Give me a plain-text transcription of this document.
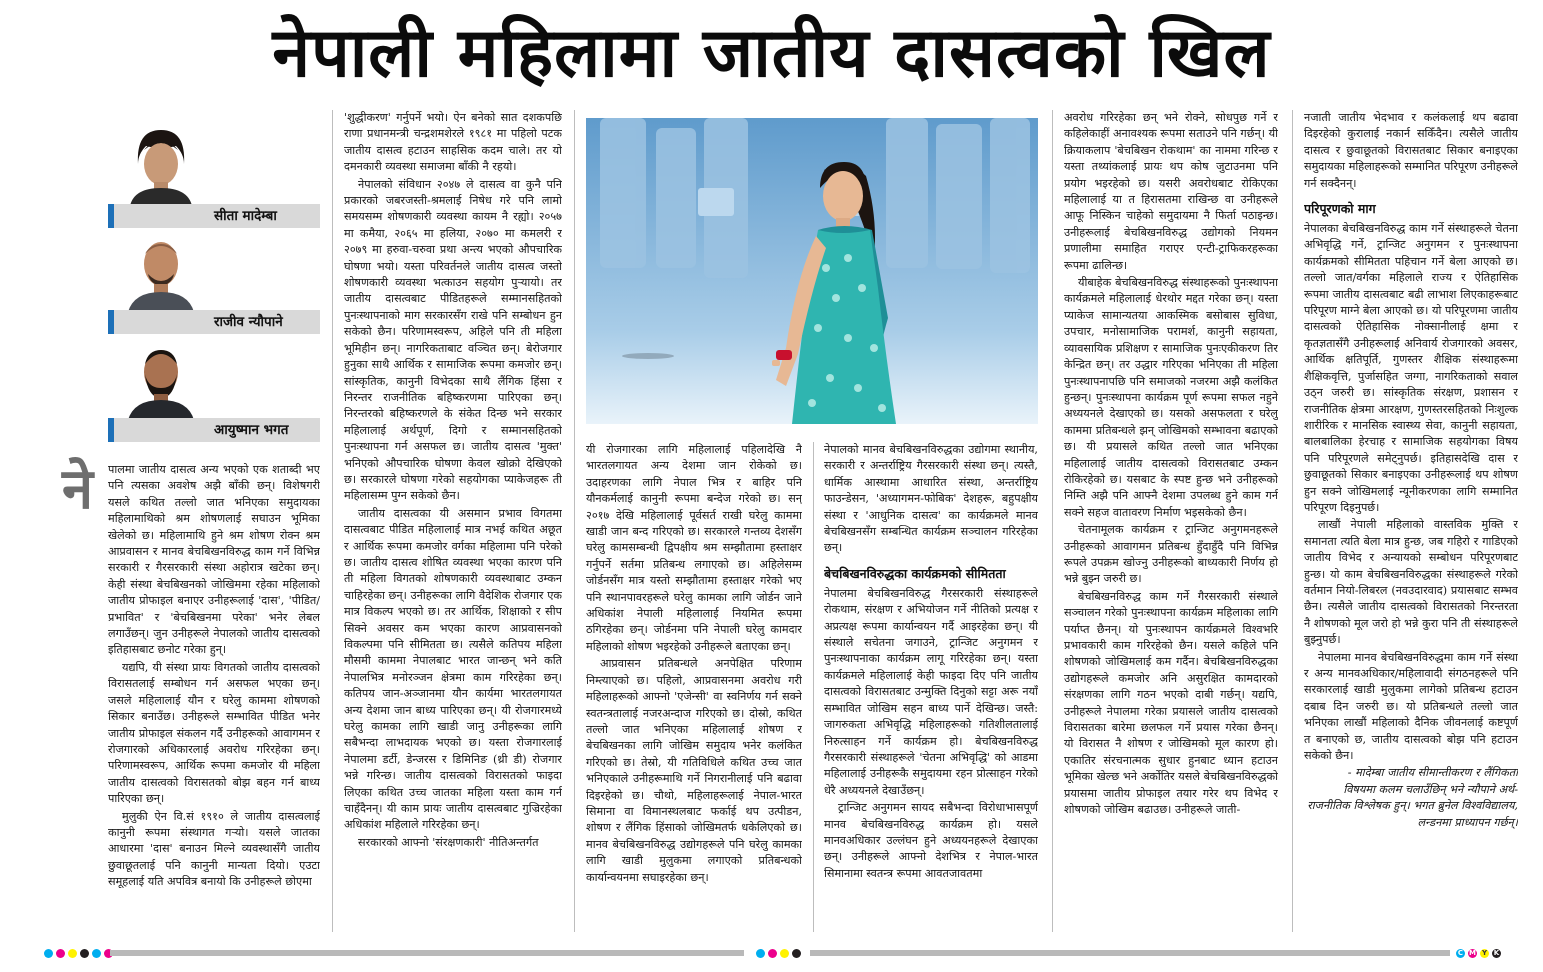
नेपाली महिलामा जातीय दासत्वको खिल
सीता मादेम्बा
राजीव न्यौपाने
आयुष्मान भगत
ने	पालमा जातीय दासत्व अन्य भएको एक शताब्दी भए पनि त्यसका अवशेष अझै बाँकी छन्। विशेषगरी यसले कथित तल्लो जात भनिएका समुदायका महिलामाथिको श्रम शोषणलाई सघाउन भूमिका खेलेको छ। महिलामाथि हुने श्रम शोषण रोक्न श्रम आप्रवासन र मानव बेचबिखनविरुद्ध काम गर्ने विभिन्न सरकारी र गैरसरकारी संस्था अहोरात्र खटेका छन्। केही संस्था बेचबिखनको जोखिममा रहेका महिलाको जातीय प्रोफाइल बनाएर उनीहरूलाई 'दास', 'पीडित/प्रभावित' र 'बेचबिखनमा परेका' भनेर लेबल लगाउँछन्। जुन उनीहरूले नेपालको जातीय दासत्वको इतिहासबाट छनोट गरेका हुन्।

यद्यपि, यी संस्था प्रायः विगतको जातीय दासत्वको विरासतलाई सम्बोधन गर्न असफल भएका छन्। जसले महिलालाई यौन र घरेलु काममा शोषणको सिकार बनाउँछ। उनीहरूले सम्भावित पीडित भनेर जातीय प्रोफाइल संकलन गर्दै उनीहरूको आवागमन र रोजगारको अधिकारलाई अवरोध गरिरहेका छन्। परिणामस्वरूप, आर्थिक रूपमा कमजोर यी महिला जातीय दासत्वको विरासतको बोझ बहन गर्न बाध्य पारिएका छन्।

मुलुकी ऐन वि.सं १९१० ले जातीय दासत्वलाई कानुनी रूपमा संस्थागत गर्‍यो। यसले जातका आधारमा 'दास' बनाउन मिल्ने व्यवस्थासँगै जातीय छुवाछूतलाई पनि कानुनी मान्यता दियो। एउटा समूहलाई यति अपवित्र बनायो कि उनीहरूले छोएमा

'शुद्धीकरण' गर्नुपर्ने भयो। ऐन बनेको सात दशकपछि राणा प्रधानमन्त्री चन्द्रशमशेरले १९८१ मा पहिलो पटक जातीय दासत्व हटाउन साहसिक कदम चाले। तर यो दमनकारी व्यवस्था समाजमा बाँकी नै रहयो।

नेपालको संविधान २०४७ ले दासत्व वा कुनै पनि प्रकारको जबरजस्ती-श्रमलाई निषेध गरे पनि लामो समयसम्म शोषणकारी व्यवस्था कायम नै रह्यो। २०५७ मा कमैया, २०६५ मा हलिया, २०७० मा कमलरी र २०७९ मा हरुवा-चरुवा प्रथा अन्त्य भएको औपचारिक घोषणा भयो। यस्ता परिवर्तनले जातीय दासत्व जस्तो शोषणकारी व्यवस्था भत्काउन सहयोग पुऱ्यायो। तर जातीय दासत्वबाट पीडितहरूले सम्मानसहितको पुनःस्थापनाको माग सरकारसँग राखे पनि सम्बोधन हुन सकेको छैन। परिणामस्वरूप, अहिले पनि ती महिला भूमिहीन छन्। नागरिकताबाट वञ्चित छन्। बेरोजगार हुनुका साथै आर्थिक र सामाजिक रूपमा कमजोर छन्। सांस्कृतिक, कानुनी विभेदका साथै लैंगिक हिंसा र निरन्तर राजनीतिक बहिष्करणमा पारिएका छन्। निरन्तरको बहिष्करणले के संकेत दिन्छ भने सरकार महिलालाई अर्थपूर्ण, दिगो र सम्मानसहितको पुनःस्थापना गर्न असफल छ। जातीय दासत्व 'मुक्त' भनिएको औपचारिक घोषणा केवल खोक्रो देखिएको छ। सरकारले घोषणा गरेको सहयोगका प्याकेजहरू ती महिलासम्म पुग्न सकेको छैन।

जातीय दासत्वका यी असमान प्रभाव विगतमा दासत्वबाट पीडित महिलालाई मात्र नभई कथित अछूत र आर्थिक रूपमा कमजोर वर्गका महिलामा पनि परेको छ। जातीय दासत्व शोषित व्यवस्था भएका कारण पनि ती महिला विगतको शोषणकारी व्यवस्थाबाट उम्कन चाहिरहेका छन्। उनीहरूका लागि वैदेशिक रोजगार एक मात्र विकल्प भएको छ। तर आर्थिक, शिक्षाको र सीप सिक्ने अवसर कम भएका कारण आप्रवासनको विकल्पमा पनि सीमितता छ। त्यसैले कतिपय महिला मौसमी काममा नेपालबाट भारत जान्छन् भने कति नेपालभित्र मनोरञ्जन क्षेत्रमा काम गरिरहेका छन्। कतिपय जान-अञ्जानमा यौन कार्यमा भारतलगायत अन्य देशमा जान बाध्य पारिएका छन्। यी रोजगारमध्ये घरेलु कामका लागि खाडी जानु उनीहरूका लागि सबैभन्दा लाभदायक भएको छ। यस्ता रोजगारलाई नेपालमा डर्टी, डेन्जरस र डिमिनिङ (थ्री डी) रोजगार भन्ने गरिन्छ। जातीय दासत्वको विरासतको फाइदा लिएका कथित उच्च जातका महिला यस्ता काम गर्न चाहँदैनन्। यी काम प्रायः जातीय दासत्वबाट गुज्रिरहेका अधिकांश महिलाले गरिरहेका छन्।

सरकारको आफ्नो 'संरक्षणकारी' नीतिअन्तर्गत

यी रोजगारका लागि महिलालाई पहिलादेखि नै भारतलगायत अन्य देशमा जान रोकेको छ। उदाहरणका लागि नेपाल भित्र र बाहिर पनि यौनकर्मलाई कानुनी रूपमा बन्देज गरेको छ। सन् २०१७ देखि महिलालाई पूर्वसर्त राखी घरेलु काममा खाडी जान बन्द गरिएको छ। सरकारले गन्तव्य देशसँग घरेलु कामसम्बन्धी द्विपक्षीय श्रम सम्झौतामा हस्ताक्षर गर्नुपर्ने सर्तमा प्रतिबन्ध लगाएको छ। अहिलेसम्म जोर्डनसँग मात्र यस्तो सम्झौतामा हस्ताक्षर गरेको भए पनि स्थानपावरहरूले घरेलु कामका लागि जोर्डन जाने अधिकांश नेपाली महिलालाई नियमित रूपमा ठगिरहेका छन्। जोर्डनमा पनि नेपाली घरेलु कामदार महिलाको शोषण भइरहेको उनीहरूले बताएका छन्।

आप्रवासन प्रतिबन्धले अनपेक्षित परिणाम निम्त्याएको छ। पहिलो, आप्रवासनमा अवरोध गरी महिलाहरूको आफ्नो 'एजेन्सी' वा स्वनिर्णय गर्न सक्ने स्वतन्त्रतालाई नजरअन्दाज गरिएको छ। दोस्रो, कथित तल्लो जात भनिएका महिलालाई शोषण र बेचबिखनका लागि जोखिम समुदाय भनेर कलंकित गरिएको छ। तेस्रो, यी गतिविधिले कथित उच्च जात भनिएकाले उनीहरूमाथि गर्ने निगरानीलाई पनि बढावा दिइरहेको छ। चौथो, महिलाहरूलाई नेपाल-भारत सिमाना वा विमानस्थलबाट फर्काई थप उत्पीडन, शोषण र लैंगिक हिंसाको जोखिमतर्फ धकेलिएको छ। मानव बेचबिखनविरुद्ध उद्योगहरूले पनि घरेलु कामका लागि खाडी मुलुकमा लगाएको प्रतिबन्धको कार्यान्वयनमा सघाइरहेका छन्।

नेपालको मानव बेचबिखनविरुद्धका उद्योगमा स्थानीय, सरकारी र अन्तर्राष्ट्रिय गैरसरकारी संस्था छन्। त्यस्तै, धार्मिक आस्थामा आधारित संस्था, अन्तर्राष्ट्रिय फाउन्डेसन, 'अध्यागमन-फोबिक' देशहरू, बहुपक्षीय संस्था र 'आधुनिक दासत्व' का कार्यक्रमले मानव बेचबिखनसँग सम्बन्धित कार्यक्रम सञ्चालन गरिरहेका छन्।

बेचबिखनविरुद्धका कार्यक्रमको सीमितता

नेपालमा बेचबिखनविरुद्ध गैरसरकारी संस्थाहरूले रोकथाम, संरक्षण र अभियोजन गर्ने नीतिको प्रत्यक्ष र अप्रत्यक्ष रूपमा कार्यान्वयन गर्दै आइरहेका छन्। यी संस्थाले सचेतना जगाउने, ट्रान्जिट अनुगमन र पुनःस्थापनाका कार्यक्रम लागू गरिरहेका छन्। यस्ता कार्यक्रमले महिलालाई केही फाइदा दिए पनि जातीय दासत्वको विरासतबाट उन्मुक्ति दिनुको सट्टा अरू नयाँ सम्भावित जोखिम सहन बाध्य पार्ने देखिन्छ। जस्तै: जागरुकता अभिवृद्धि महिलाहरूको गतिशीलतालाई निरुत्साहन गर्ने कार्यक्रम हो। बेचबिखनविरुद्ध गैरसरकारी संस्थाहरूले 'चेतना अभिवृद्धि' को आडमा महिलालाई उनीहरूकै समुदायमा रहन प्रोत्साहन गरेको धेरै अध्ययनले देखाउँछन्।

ट्रान्जिट अनुगमन सायद सबैभन्दा विरोधाभासपूर्ण मानव बेचबिखनविरुद्ध कार्यक्रम हो। यसले मानवअधिकार उल्लंघन हुने अध्ययनहरूले देखाएका छन्। उनीहरूले आफ्नो देशभित्र र नेपाल-भारत सिमानामा स्वतन्त्र रूपमा आवतजावतमा

अवरोध गरिरहेका छन् भने रोक्ने, सोधपुछ गर्ने र कहिलेकाहीं अनावश्यक रूपमा सताउने पनि गर्छन्। यी क्रियाकलाप 'बेचबिखन रोकथाम' का नाममा गरिन्छ र यस्ता तथ्यांकलाई प्रायः थप कोष जुटाउनमा पनि प्रयोग भइरहेको छ। यसरी अवरोधबाट रोकिएका महिलालाई या त हिरासतमा राखिन्छ वा उनीहरूले आफू निस्किन चाहेको समुदायमा नै फिर्ता पठाइन्छ। उनीहरूलाई बेचबिखनविरुद्ध उद्योगको नियमन प्रणालीमा समाहित गराएर एन्टी-ट्राफिकरहरूका रूपमा ढालिन्छ।

यीबाहेक बेचबिखनविरुद्ध संस्थाहरूको पुनःस्थापना कार्यक्रमले महिलालाई धेरथोर मद्दत गरेका छन्। यस्ता प्याकेज सामान्यतया आकस्मिक बसोबास सुविधा, उपचार, मनोसामाजिक परामर्श, कानुनी सहायता, व्यावसायिक प्रशिक्षण र सामाजिक पुनःएकीकरण तिर केन्द्रित छन्। तर उद्धार गरिएका भनिएका ती महिला पुनःस्थापनापछि पनि समाजको नजरमा अझै कलंकित हुन्छन्। पुनःस्थापना कार्यक्रम पूर्ण रूपमा सफल नहुने अध्ययनले देखाएको छ। यसको असफलता र घरेलु काममा प्रतिबन्धले झन् जोखिमको सम्भावना बढाएको छ। यी प्रयासले कथित तल्लो जात भनिएका महिलालाई जातीय दासत्वको विरासतबाट उम्कन रोकिरहेको छ। यसबाट के स्पष्ट हुन्छ भने उनीहरूको निम्ति अझै पनि आफ्नै देशमा उपलब्ध हुने काम गर्न सक्ने सहज वातावरण निर्माण भइसकेको छैन।

चेतनामूलक कार्यक्रम र ट्रान्जिट अनुगमनहरूले उनीहरूको आवागमन प्रतिबन्ध हुँदाहुँदै पनि विभिन्न रूपले उपक्रम खोज्नु उनीहरूको बाध्यकारी निर्णय हो भन्ने बुझ्न जरुरी छ।

बेचबिखनविरुद्ध काम गर्ने गैरसरकारी संस्थाले सञ्चालन गरेको पुनःस्थापना कार्यक्रम महिलाका लागि पर्याप्त छैनन्। यो पुनःस्थापन कार्यक्रमले विश्वभरि प्रभावकारी काम गरिरहेको छैन। यसले कहिले पनि शोषणको जोखिमलाई कम गर्दैन। बेचबिखनविरुद्धका उद्योगहरूले कमजोर अनि असुरक्षित कामदारको संरक्षणका लागि गठन भएको दाबी गर्छन्। यद्यपि, उनीहरूले नेपालमा गरेका प्रयासले जातीय दासत्वको विरासतका बारेमा छलफल गर्ने प्रयास गरेका छैनन्। यो विरासत नै शोषण र जोखिमको मूल कारण हो। एकातिर संरचनात्मक सुधार हुनबाट ध्यान हटाउन भूमिका खेल्छ भने अर्कोतिर यसले बेचबिखनविरुद्धको प्रयासमा जातीय प्रोफाइल तयार गरेर थप विभेद र शोषणको जोखिम बढाउछ। उनीहरूले जाती-

नजाती जातीय भेदभाव र कलंकलाई थप बढावा दिइरहेको कुरालाई नकार्न सकिँदैन। त्यसैले जातीय दासत्व र छुवाछूतको विरासतबाट सिकार बनाइएका समुदायका महिलाहरूको सम्मानित परिपूरण उनीहरूले गर्न सक्दैनन्।

परिपूरणको माग

नेपालका बेचबिखनविरुद्ध काम गर्ने संस्थाहरूले चेतना अभिवृद्धि गर्ने, ट्रान्जिट अनुगमन र पुनःस्थापना कार्यक्रमको सीमितता पहिचान गर्ने बेला आएको छ। तल्लो जात/वर्गका महिलाले राज्य र ऐतिहासिक रूपमा जातीय दासत्वबाट बढी लाभाश लिएकाहरूबाट परिपूरण माग्ने बेला आएको छ। यो परिपूरणमा जातीय दासत्वको ऐतिहासिक नोक्सानीलाई क्षमा र कृतज्ञतासँगै उनीहरूलाई अनिवार्य रोजगारको अवसर, आर्थिक क्षतिपूर्ति, गुणस्तर शैक्षिक संस्थाहरूमा शैक्षिकवृत्ति, पुर्जासहित जग्गा, नागरिकताको सवाल उठ्न जरुरी छ। सांस्कृतिक संरक्षण, प्रशासन र राजनीतिक क्षेत्रमा आरक्षण, गुणस्तरसहितको निःशुल्क शारीरिक र मानसिक स्वास्थ्य सेवा, कानुनी सहायता, बालबालिका हेरचाह र सामाजिक सहयोगका विषय पनि परिपूरणले समेट्नुपर्छ। इतिहासदेखि दास र छुवाछूतको सिकार बनाइएका उनीहरूलाई थप शोषण हुन सक्ने जोखिमलाई न्यूनीकरणका लागि सम्मानित परिपूरण दिइनुपर्छ।

लाखौं नेपाली महिलाको वास्तविक मुक्ति र समानता त्यति बेला मात्र हुन्छ, जब गहिरो र गाडिएको जातीय विभेद र अन्यायको सम्बोधन परिपूरणबाट हुन्छ। यो काम बेचबिखनविरुद्धका संस्थाहरूले गरेको वर्तमान नियो-लिबरल (नवउदारवाद) प्रयासबाट सम्भव छैन। त्यसैले जातीय दासत्वको विरासतको निरन्तरता नै शोषणको मूल जरो हो भन्ने कुरा पनि ती संस्थाहरूले बुझ्नुपर्छ।

नेपालमा मानव बेचबिखनविरुद्धमा काम गर्ने संस्था र अन्य मानवअधिकार/महिलावादी संगठनहरूले पनि सरकारलाई खाडी मुलुकमा लागेको प्रतिबन्ध हटाउन दबाब दिन जरुरी छ। यो प्रतिबन्धले तल्लो जात भनिएका लाखौं महिलाको दैनिक जीवनलाई कष्टपूर्ण त बनाएको छ, जातीय दासत्वको बोझ पनि हटाउन सकेको छैन।

- मादेम्बा जातीय सीमान्तीकरण र लैंगिकता विषयमा कलम चलाउँछिन् भने न्यौपाने अर्थ-राजनीतिक विश्लेषक हुन्। भगत ब्रुनेल विश्वविद्यालय, लन्डनमा प्राध्यापन गर्छन्।

C M Y K
